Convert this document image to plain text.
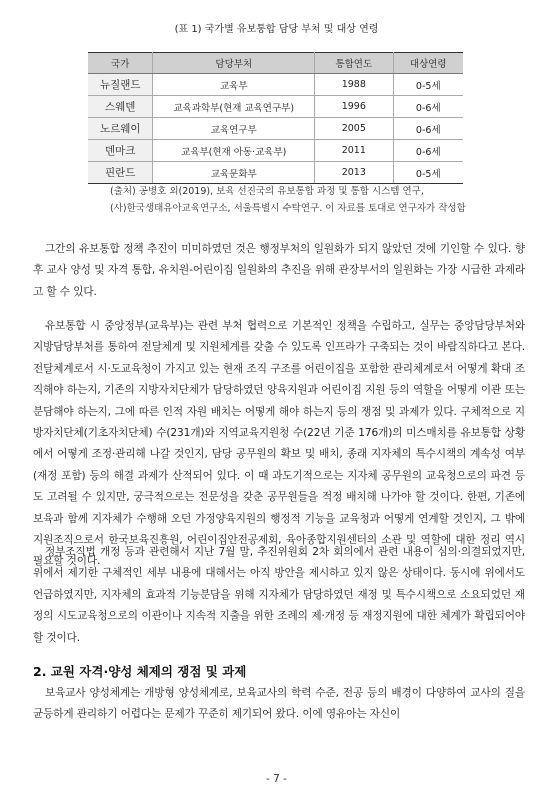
(표 1) 국가별 유보통합 담당 부처 및 대상 연령
국가	담당부처	통합연도	대상연령
뉴질랜드	교육부	1988	0-5세
스웨덴	교육과학부(현재 교육연구부)	1996	0-6세
노르웨이	교육연구부	2005	0-6세
덴마크	교육부(현재 아동·교육부)	2011	0-6세
핀란드	교육문화부	2013	0-5세
(출처) 공병호 외(2019), 보육 선진국의 유보통합 과정 및 통합 시스템 연구,
(사)한국생태유아교육연구소, 서울특별시 수탁연구. 이 자료를 토대로 연구자가 작성함

그간의 유보통합 정책 추진이 미미하였던 것은 행정부처의 일원화가 되지 않았던 것에 기인할 수 있다. 향후 교사 양성 및 자격 통합, 유치원-어린이집 일원화의 추진을 위해 관장부서의 일원화는 가장 시급한 과제라고 할 수 있다.

유보통합 시 중앙정부(교육부)는 관련 부처 협력으로 기본적인 정책을 수립하고, 실무는 중앙담당부처와 지방담당부처를 통하여 전달체계 및 지원체계를 갖출 수 있도록 인프라가 구축되는 것이 바람직하다고 본다. 전달체계로서 시·도교육청이 가지고 있는 현재 조직 구조를 어린이집을 포함한 관리체계로서 어떻게 확대 조직해야 하는지, 기존의 지방자치단체가 담당하였던 양육지원과 어린이집 지원 등의 역할을 어떻게 이관 또는 분담해야 하는지, 그에 따른 인적 자원 배치는 어떻게 해야 하는지 등의 쟁점 및 과제가 있다. 구체적으로 지방자치단체(기초자치단체) 수(231개)와 지역교육지원청 수(22년 기준 176개)의 미스매치를 유보통합 상황에서 어떻게 조정·관리해 나갈 것인지, 담당 공무원의 확보 및 배치, 종래 지자체의 특수시책의 계속성 여부(재정 포함) 등의 해결 과제가 산적되어 있다. 이 때 과도기적으로는 지자체 공무원의 교육청으로의 파견 등도 고려될 수 있지만, 궁극적으로는 전문성을 갖춘 공무원들을 적정 배치해 나가야 할 것이다. 한편, 기존에 보육과 함께 지자체가 수행해 오던 가정양육지원의 행정적 기능을 교육청과 어떻게 연계할 것인지, 그 밖에 지원조직으로서 한국보육진흥원, 어린이집안전공제회, 육아종합지원센터의 소관 및 역할에 대한 정리 역시 필요할 것이다.

정부조직법 개정 등과 관련해서 지난 7월 말, 추진위원회 2차 회의에서 관련 내용이 심의·의결되었지만, 위에서 제기한 구체적인 세부 내용에 대해서는 아직 방안을 제시하고 있지 않은 상태이다. 동시에 위에서도 언급하였지만, 지자체의 효과적 기능분담을 위해 지자체가 담당하였던 재정 및 특수시책으로 소요되었던 재정의 시도교육청으로의 이관이나 지속적 지출을 위한 조례의 제·개정 등 재정지원에 대한 체계가 확립되어야 할 것이다.

2. 교원 자격·양성 체제의 쟁점 및 과제

보육교사 양성체계는 개방형 양성체계로, 보육교사의 학력 수준, 전공 등의 배경이 다양하여 교사의 질을 균등하게 관리하기 어렵다는 문제가 꾸준히 제기되어 왔다. 이에 영유아는 자신이

- 7 -
